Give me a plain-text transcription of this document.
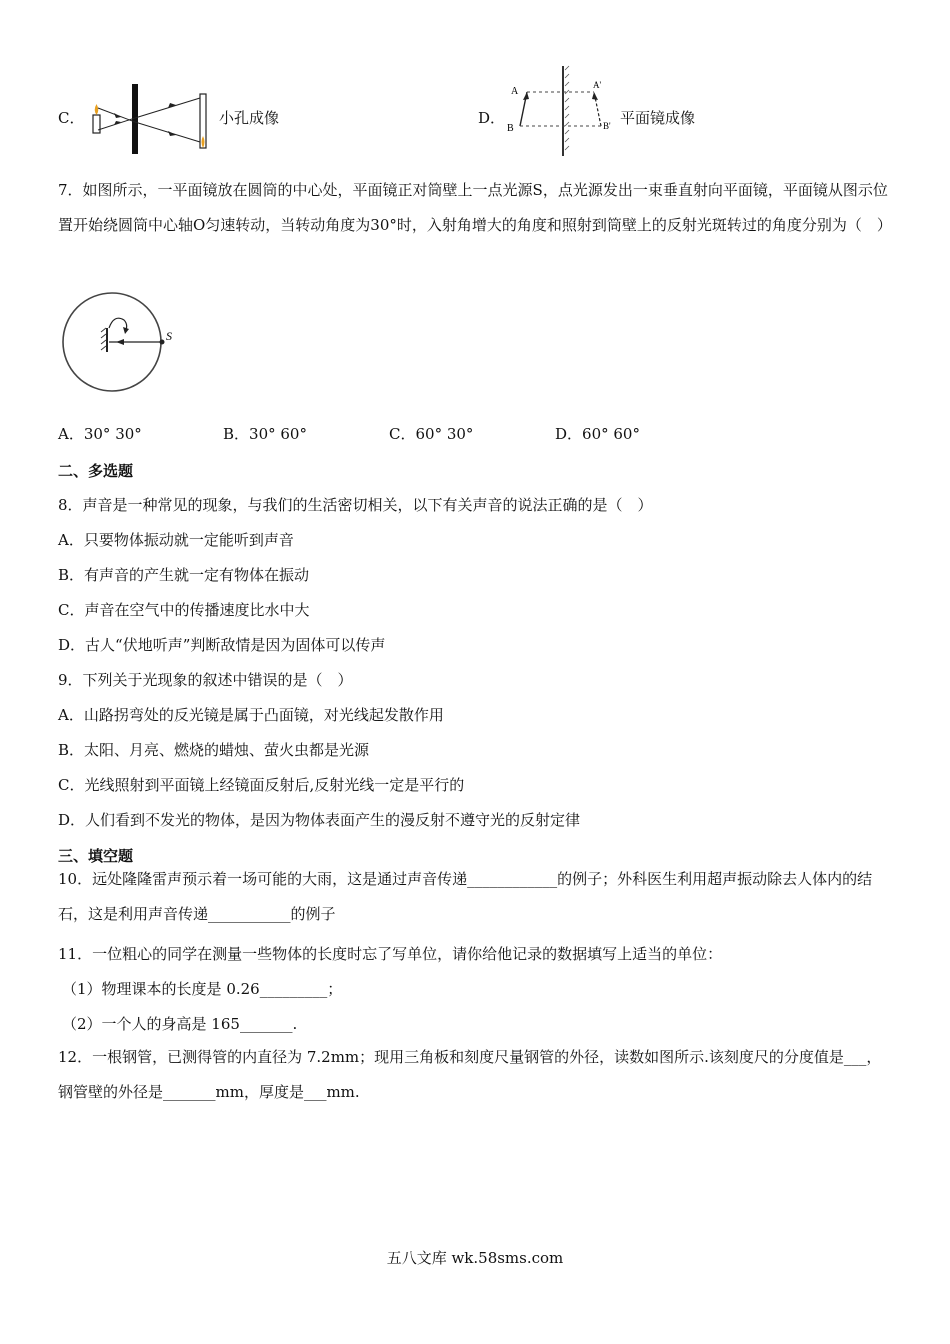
C．	小孔成像	D．
A
B
A'
B' 平面镜成像
7．如图所示，一平面镜放在圆筒的中心处，平面镜正对筒壁上一点光源S，点光源发出一束垂直射向平面镜，平面镜从图示位置开始绕圆筒中心轴O匀速转动，当转动角度为30°时，入射角增大的角度和照射到筒壁上的反射光斑转过的角度分别为（　）
S
A．30° 30°	B．30° 60°	C．60° 30°	D．60° 60°
二、多选题
8．声音是一种常见的现象，与我们的生活密切相关，以下有关声音的说法正确的是（　）
A．只要物体振动就一定能听到声音
B．有声音的产生就一定有物体在振动
C．声音在空气中的传播速度比水中大
D．古人“伏地听声”判断敌情是因为固体可以传声
9．下列关于光现象的叙述中错误的是（　）
A．山路拐弯处的反光镜是属于凸面镜，对光线起发散作用
B．太阳、月亮、燃烧的蜡烛、萤火虫都是光源
C．光线照射到平面镜上经镜面反射后,反射光线一定是平行的
D．人们看到不发光的物体，是因为物体表面产生的漫反射不遵守光的反射定律
三、填空题
10．远处隆隆雷声预示着一场可能的大雨，这是通过声音传递____________的例子；外科医生利用超声振动除去人体内的结石，这是利用声音传递___________的例子
11．一位粗心的同学在测量一些物体的长度时忘了写单位，请你给他记录的数据填写上适当的单位：
（1）物理课本的长度是 0.26_________；
（2）一个人的身高是 165_______.
12．一根钢管，已测得管的内直径为 7.2mm；现用三角板和刻度尺量钢管的外径，读数如图所示.该刻度尺的分度值是___，钢管壁的外径是_______mm，厚度是___mm.
五八文库 wk.58sms.com
